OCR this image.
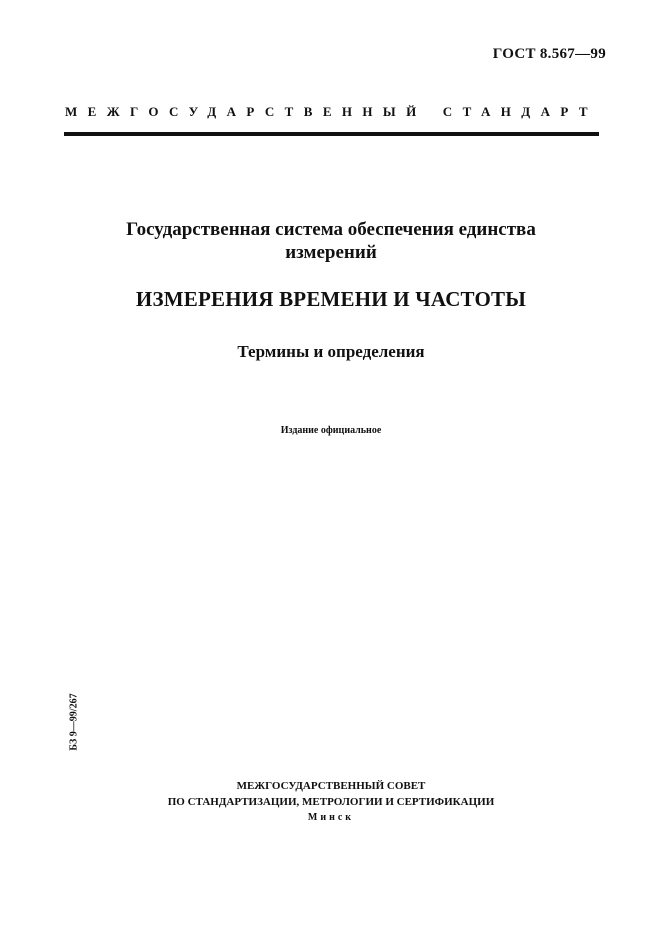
ГОСТ 8.567—99
МЕЖГОСУДАРСТВЕННЫЙ СТАНДАРТ
Государственная система обеспечения единства
измерений
ИЗМЕРЕНИЯ ВРЕМЕНИ И ЧАСТОТЫ
Термины и определения
Издание официальное
БЗ 9—99/267
МЕЖГОСУДАРСТВЕННЫЙ СОВЕТ
ПО СТАНДАРТИЗАЦИИ, МЕТРОЛОГИИ И СЕРТИФИКАЦИИ
Минск
